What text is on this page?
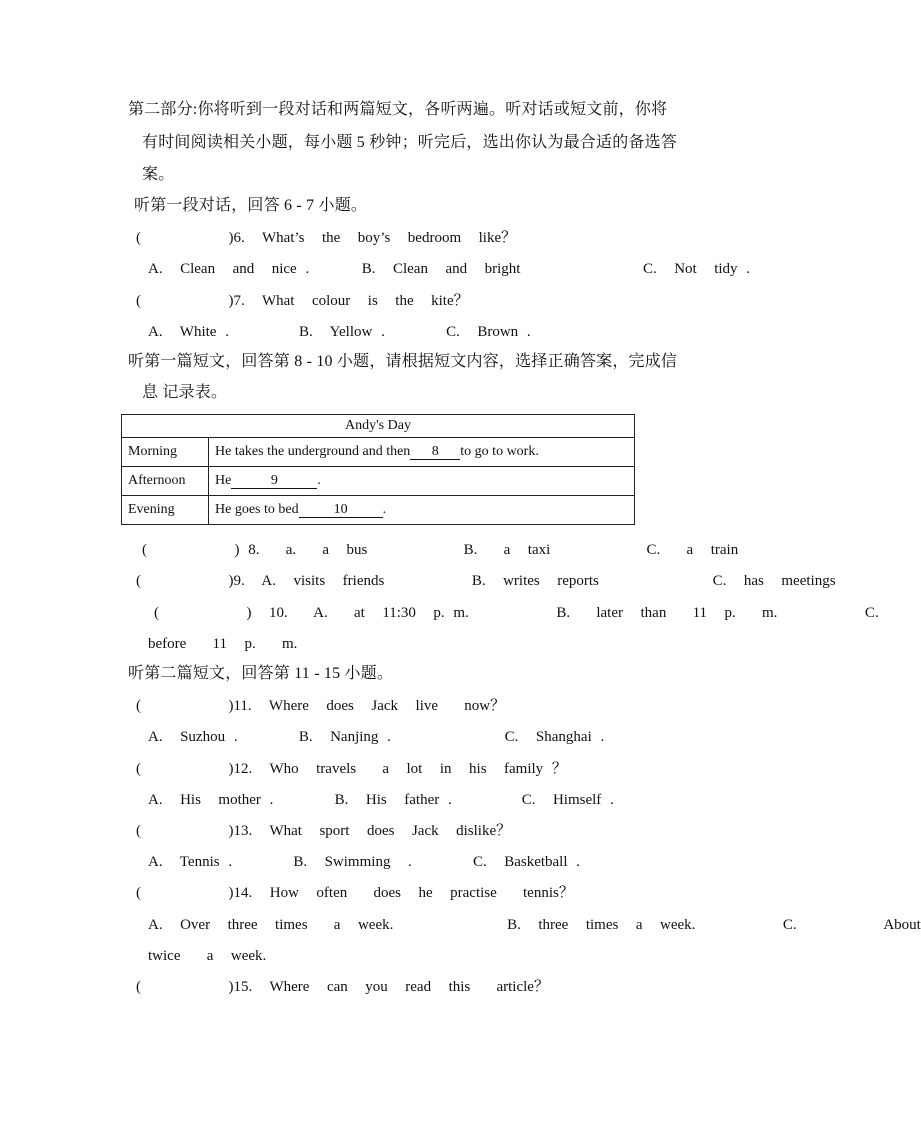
第二部分:你将听到一段对话和两篇短文，各听两遍。听对话或短文前，你将
有时间阅读相关小题，每小题 5 秒钟；听完后，选出你认为最合适的备选答
案。
听第一段对话，回答 6 - 7 小题。
(          )6.  What’s  the  boy’s  bedroom  like？
A.  Clean  and  nice .      B.  Clean  and  bright              C.  Not  tidy .
(          )7.  What  colour  is  the  kite？
A.  White .        B.  Yellow .       C.  Brown .
听第一篇短文，回答第 8 - 10 小题，请根据短文内容，选择正确答案，完成信
息 记录表。
Andy's Day	
Morning	He takes the underground and then 8 to go to work.
Afternoon	He 9 .
Evening	He goes to bed 10 .
(          ) 8.   a.   a  bus           B.   a  taxi           C.   a  train
(          )9.  A.  visits  friends          B.  writes  reports             C.  has  meetings
(          )  10.   A.   at  11:30  p. m.          B.   later  than   11  p.   m.          C.
before   11  p.   m.
听第二篇短文，回答第 11 - 15 小题。
(          )11.  Where  does  Jack  live   now？
A.  Suzhou .       B.  Nanjing .             C.  Shanghai .
(          )12.  Who  travels   a  lot  in  his  family ？
A.  His  mother .       B.  His  father .        C.  Himself .
(          )13.  What  sport  does  Jack  dislike？
A.  Tennis .       B.  Swimming  .       C.  Basketball .
(          )14.  How  often   does  he  practise   tennis？
A.  Over  three  times   a  week.             B.  three  times  a  week.          C.          About
twice   a  week.
(          )15.  Where  can  you  read  this   article？
